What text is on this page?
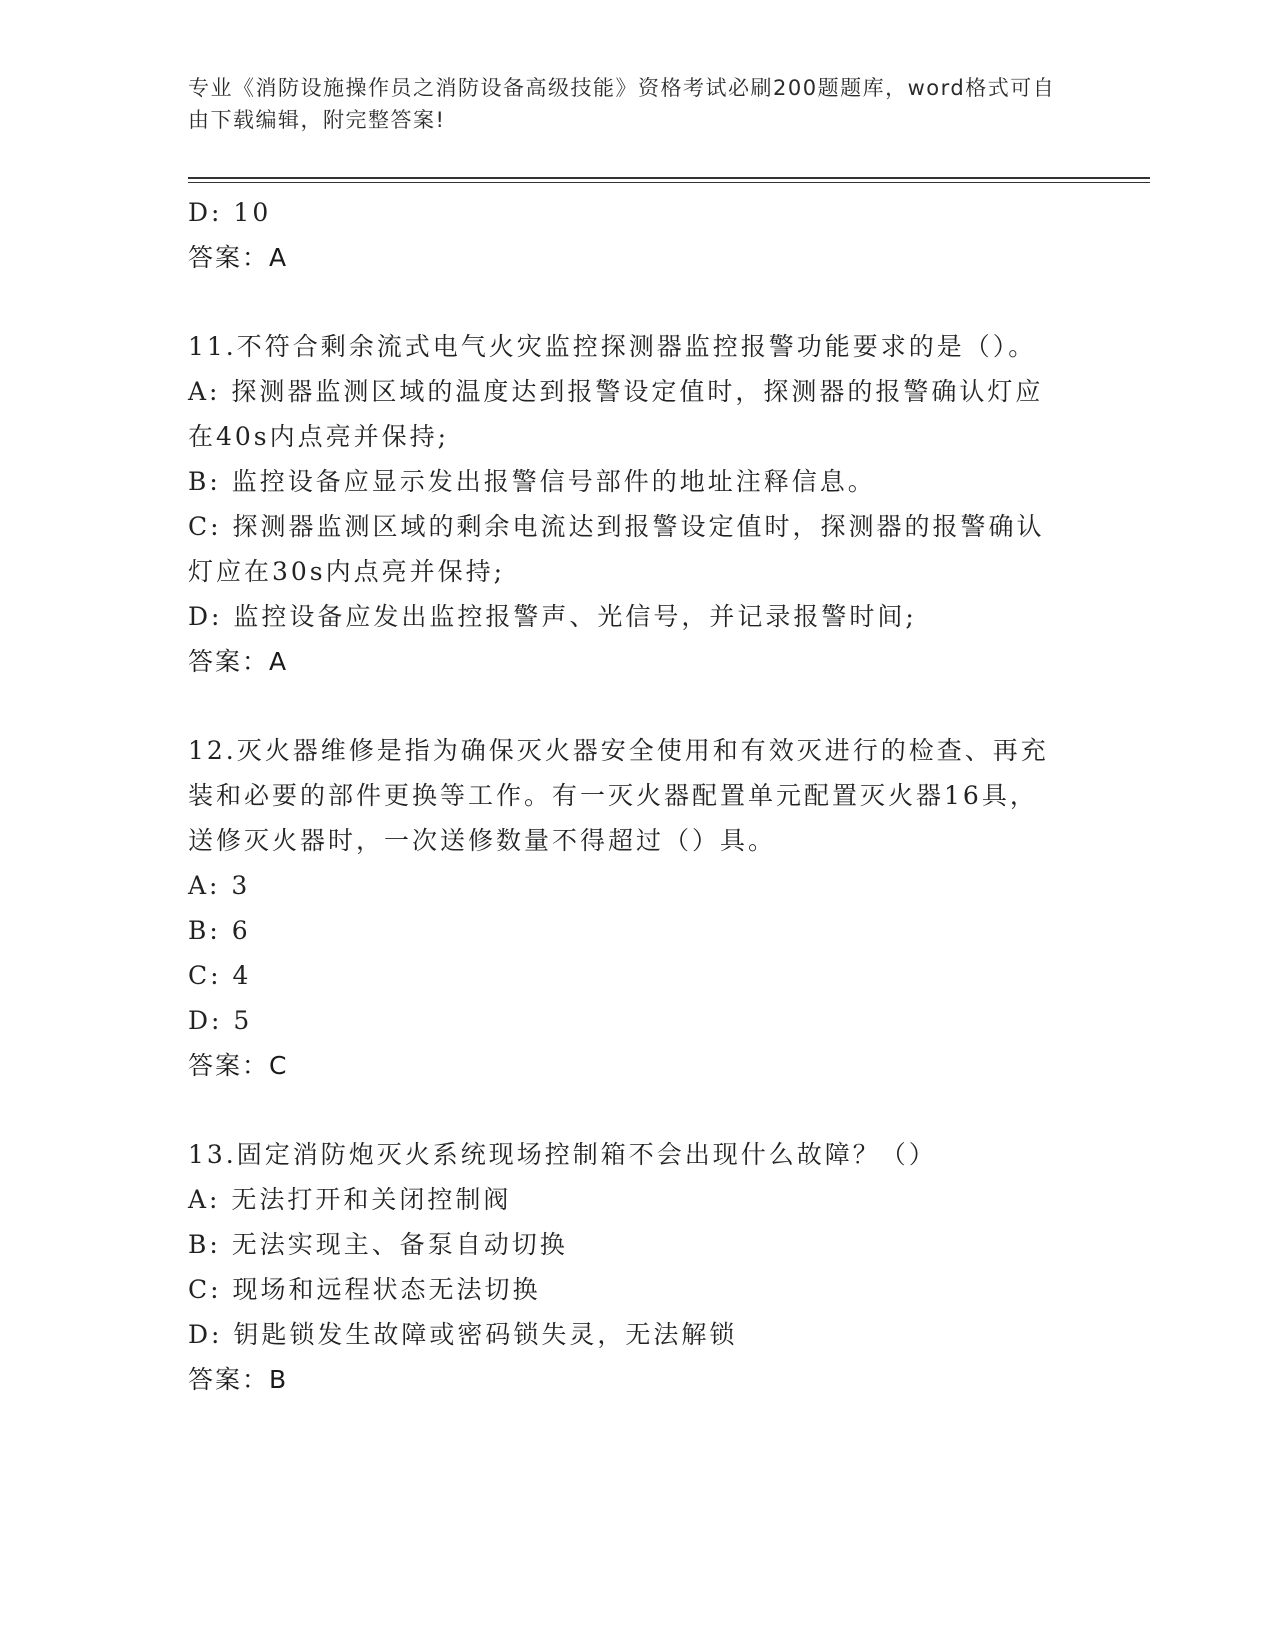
专业《消防设施操作员之消防设备高级技能》资格考试必刷200题题库，word格式可自由下载编辑，附完整答案!
D: 10
答案：A
11.不符合剩余流式电气火灾监控探测器监控报警功能要求的是（）。
A: 探测器监测区域的温度达到报警设定值时，探测器的报警确认灯应
在40s内点亮并保持;
B: 监控设备应显示发出报警信号部件的地址注释信息。
C: 探测器监测区域的剩余电流达到报警设定值时，探测器的报警确认
灯应在30s内点亮并保持;
D: 监控设备应发出监控报警声、光信号，并记录报警时间;
答案：A
12.灭火器维修是指为确保灭火器安全使用和有效灭进行的检查、再充
装和必要的部件更换等工作。有一灭火器配置单元配置灭火器16具，
送修灭火器时，一次送修数量不得超过（）具。
A: 3
B: 6
C: 4
D: 5
答案：C
13.固定消防炮灭火系统现场控制箱不会出现什么故障？（）
A: 无法打开和关闭控制阀
B: 无法实现主、备泵自动切换
C: 现场和远程状态无法切换
D: 钥匙锁发生故障或密码锁失灵，无法解锁
答案：B
